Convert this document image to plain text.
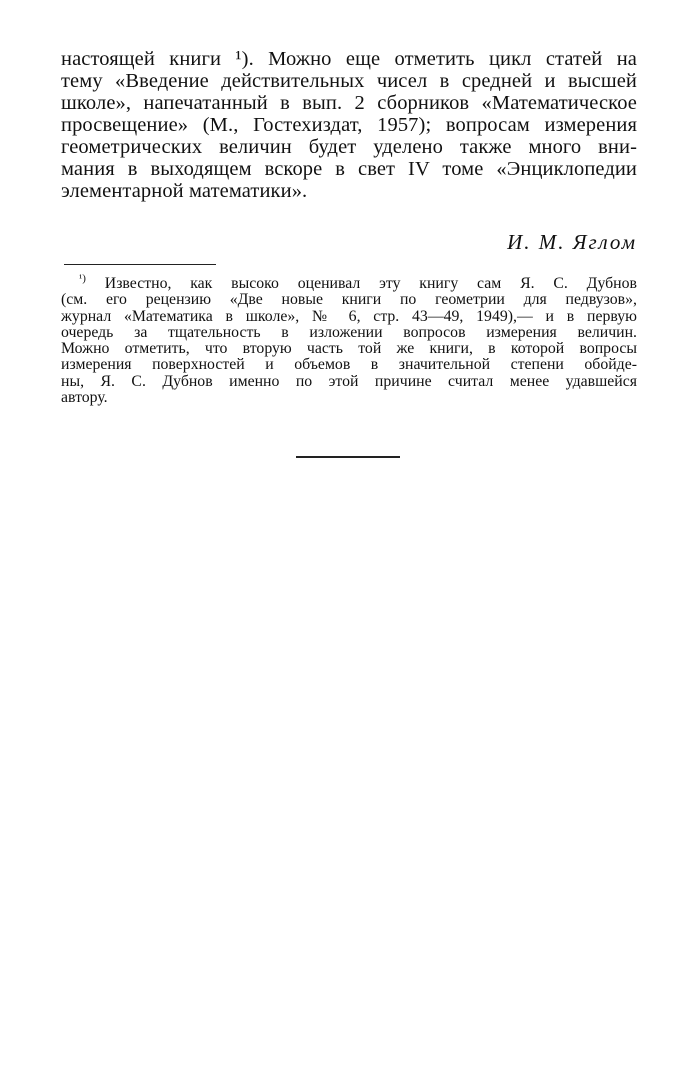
настоящей книги ¹). Можно еще отметить цикл статей на
тему «Введение действительных чисел в средней и высшей
школе», напечатанный в вып. 2 сборников «Математическое
просвещение» (М., Гостехиздат, 1957); вопросам измерения
геометрических величин будет уделено также много вни-
мания в выходящем вскоре в свет IV томе «Энциклопедии
элементарной математики».
И. М. Яглом
$^{^1)}$ Известно, как высоко оценивал эту книгу сам Я. С. Дубнов
(см. его рецензию «Две новые книги по геометрии для педвузов»,
журнал «Математика в школе», № 6, стр. 43—49, 1949),— и в первую
очередь за тщательность в изложении вопросов измерения величин.
Можно отметить, что вторую часть той же книги, в которой вопросы
измерения поверхностей и объемов в значительной степени обойде-
ны, Я. С. Дубнов именно по этой причине считал менее удавшейся
автору.
